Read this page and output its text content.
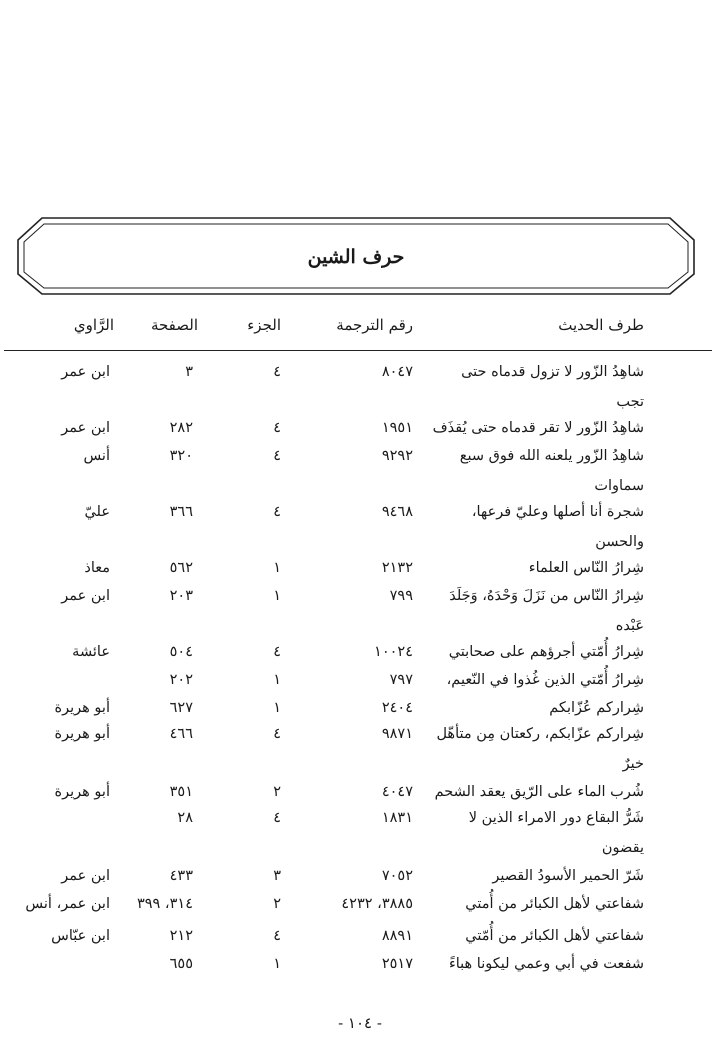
حرف الشين
طرف الحديث
رقم الترجمة
الجزء
الصفحة
الرَّاوي
شاهِدُ الزّور لا تزول قدماه حتى
٨٠٤٧
٤
٣
ابن عمر
تجب
شاهِدُ الزّور لا تقر قدماه حتى يُقذَف
١٩٥١
٤
٢٨٢
ابن عمر
شاهِدُ الزّور يلعنه الله فوق سبع
٩٢٩٢
٤
٣٢٠
أنس
سماوات
شجرة أنا أصلها وعليّ فرعها،
٩٤٦٨
٤
٣٦٦
عليّ
والحسن
شِرارُ النّاس العلماء
٢١٣٢
١
٥٦٢
معاذ
شِرارُ النّاس من نَزَلَ وَحْدَهُ، وَجَلَدَ
٧٩٩
١
٢٠٣
ابن عمر
عَبْده
شِرارُ أُمّتي أجرؤهم على صحابتي
١٠٠٢٤
٤
٥٠٤
عائشة
شِرارُ أُمّتي الذين غُذوا في النّعيم،
٧٩٧
١
٢٠٢
شِراركم عُزّابكم
٢٤٠٤
١
٦٢٧
أبو هريرة
شِراركم عزّابكم، ركعتان مِن متأهّل
٩٨٧١
٤
٤٦٦
أبو هريرة
خيرٌ
شُرب الماء على الرّيق يعقد الشحم
٤٠٤٧
٢
٣٥١
أبو هريرة
شَرُّ البقاع دور الامراء الذين لا
١٨٣١
٤
٢٨
يقضون
شَرّ الحمير الأسودُ القصير
٧٠٥٢
٣
٤٣٣
ابن عمر
شفاعتي لأهل الكبائر من أُمتي
٣٨٨٥، ٤٢٣٢
٢
٣١٤، ٣٩٩
ابن عمر، أنس
شفاعتي لأهل الكبائر من أُمّتي
٨٨٩١
٤
٢١٢
ابن عبّاس
شفعت في أبي وعمي ليكونا هباءً
٢٥١٧
١
٦٥٥
- ١٠٤ -
